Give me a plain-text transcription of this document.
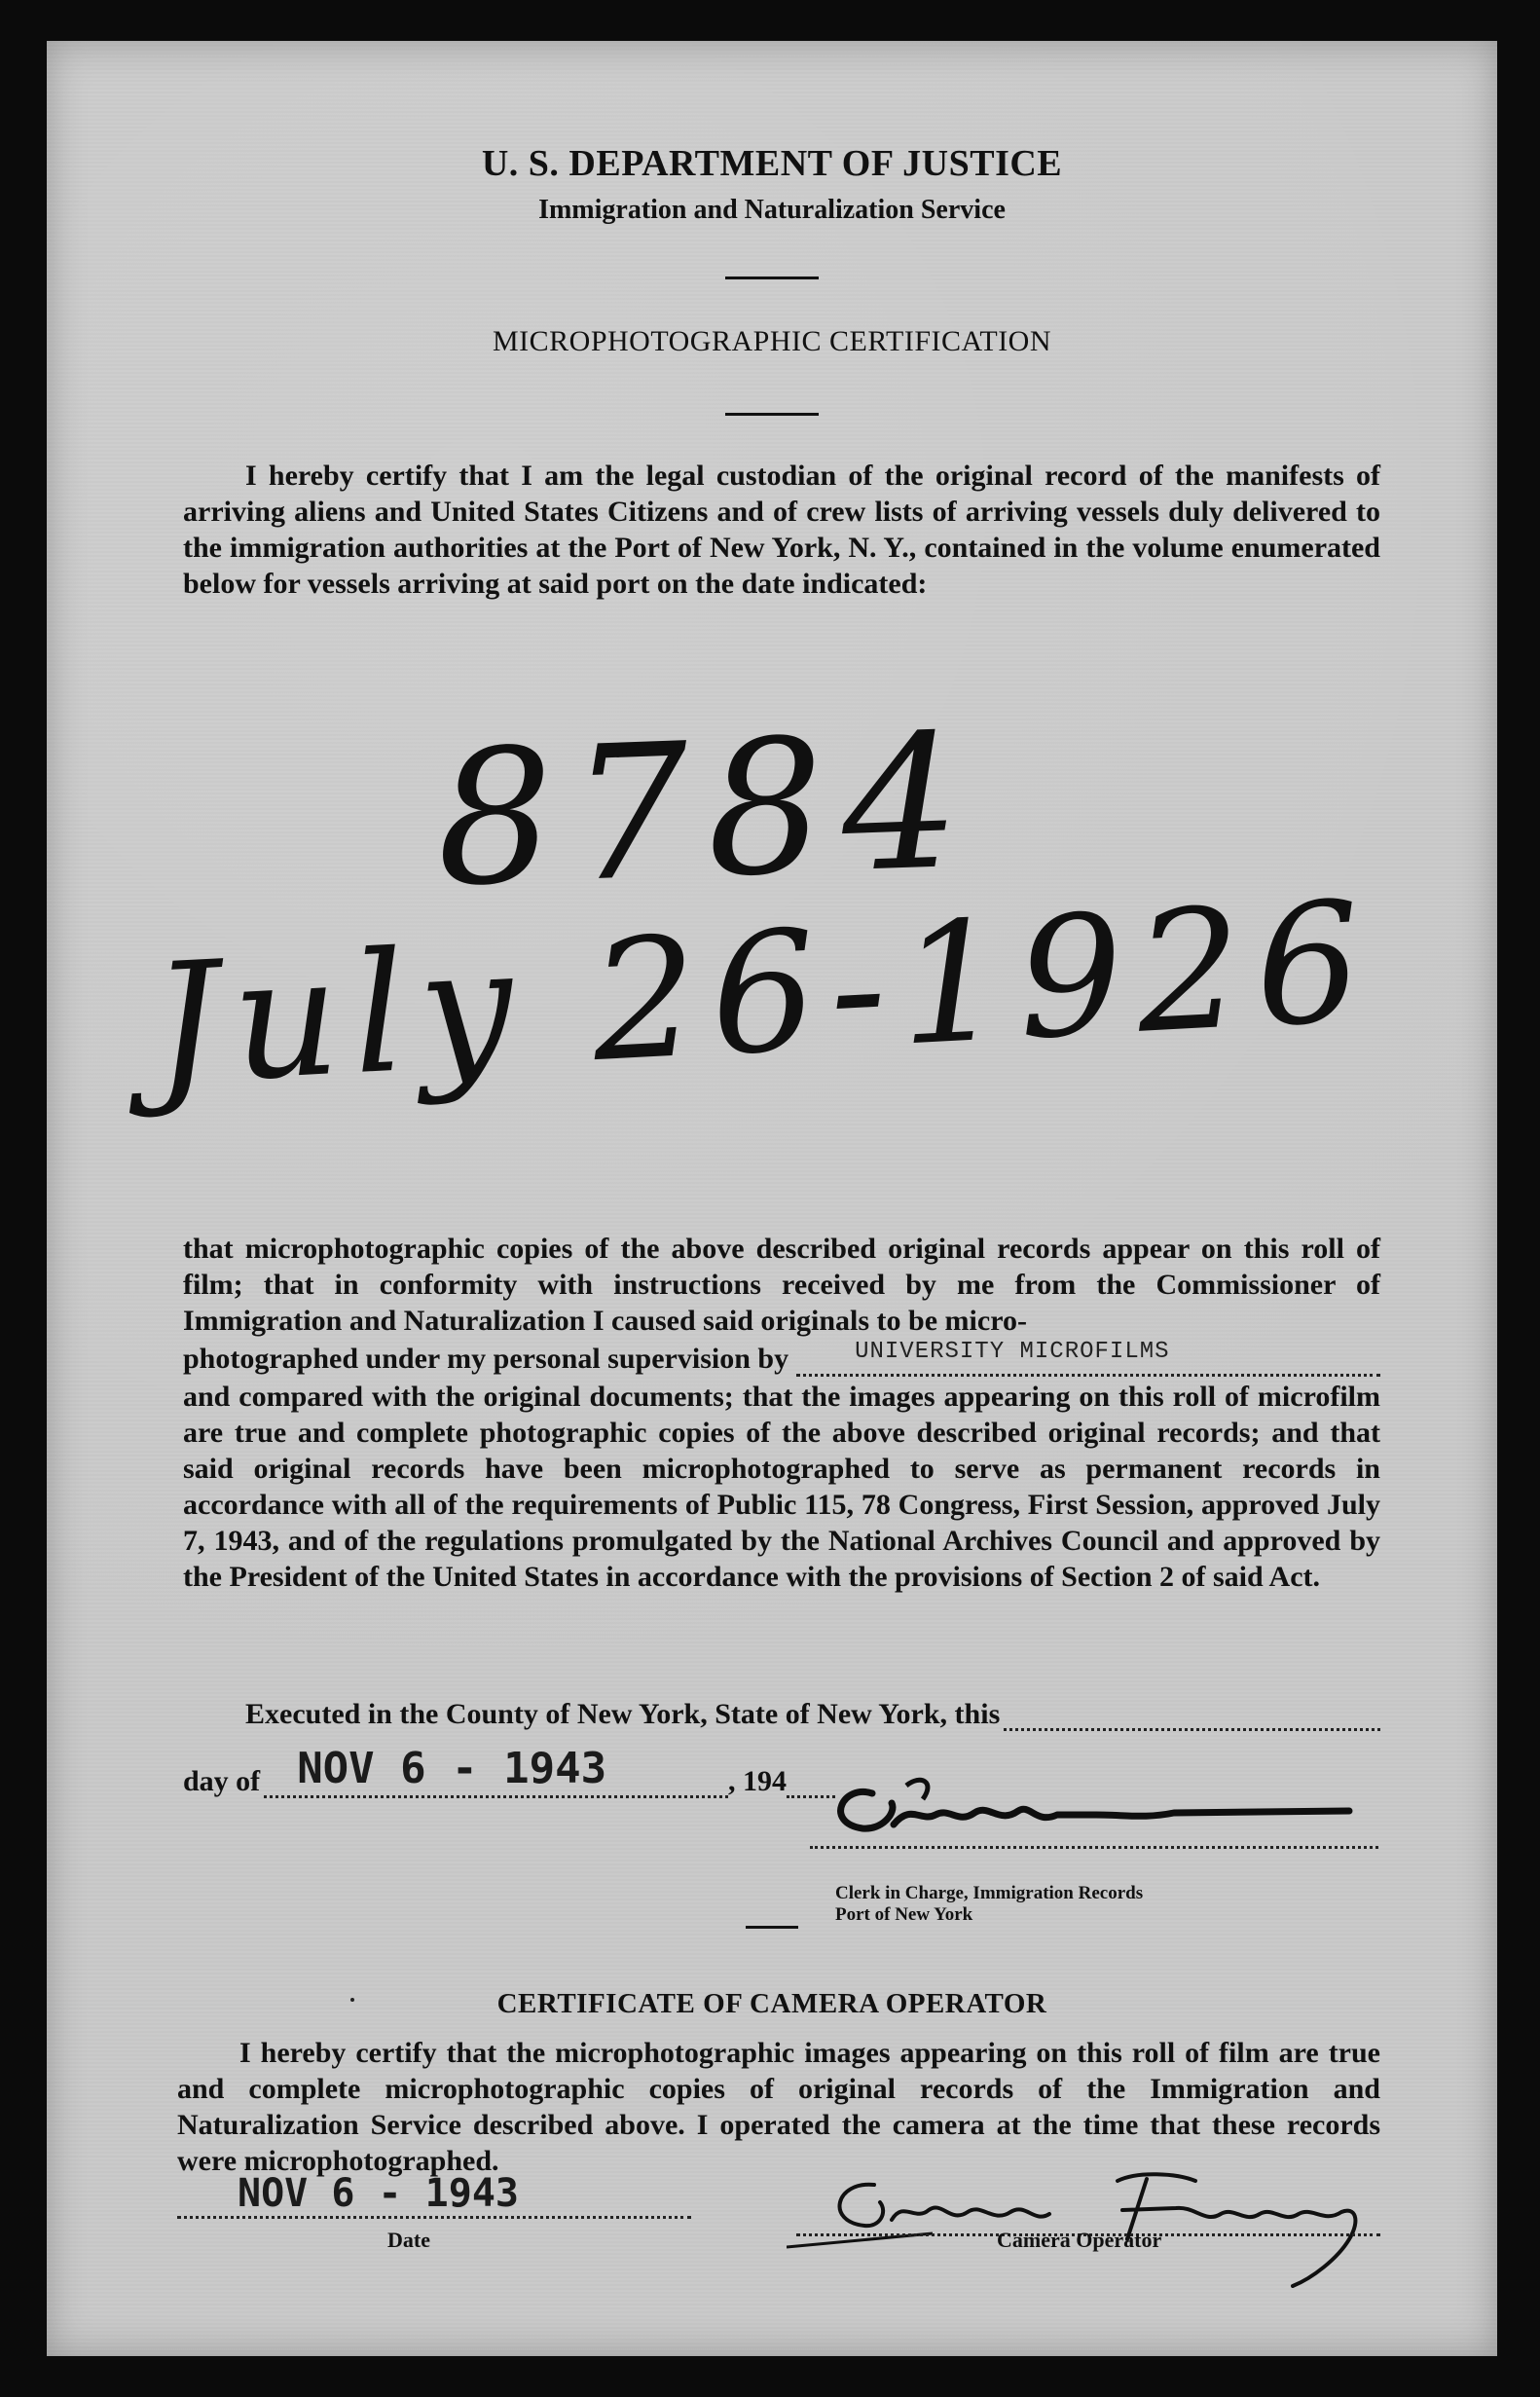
U. S. DEPARTMENT OF JUSTICE
Immigration and Naturalization Service
MICROPHOTOGRAPHIC CERTIFICATION

I hereby certify that I am the legal custodian of the original record of the manifests of arriving aliens and United States Citizens and of crew lists of arriving vessels duly delivered to the immigration authorities at the Port of New York, N. Y., contained in the volume enumerated below for vessels arriving at said port on the date indicated:

8784
July 26-1926

that microphotographic copies of the above described original records appear on this roll of film; that in conformity with instructions received by me from the Commissioner of Immigration and Naturalization I caused said originals to be micro-

photographed under my personal supervision by	UNIVERSITY MICROFILMS

and compared with the original documents; that the images appearing on this roll of microfilm are true and complete photographic copies of the above described original records; and that said original records have been microphotographed to serve as permanent records in accordance with all of the requirements of Public 115, 78 Congress, First Session, approved July 7, 1943, and of the regulations promulgated by the National Archives Council and approved by the President of the United States in accordance with the provisions of Section 2 of said Act.

Executed in the County of New York, State of New York, this
day of NOV 6 - 1943	, 194
Clerk in Charge, Immigration Records
Port of New York
CERTIFICATE OF CAMERA OPERATOR

I hereby certify that the microphotographic images appearing on this roll of film are true and complete microphotographic copies of original records of the Immigration and Naturalization Service described above. I operated the camera at the time that these records were microphotographed.

NOV 6 - 1943
Date	Camera Operator
